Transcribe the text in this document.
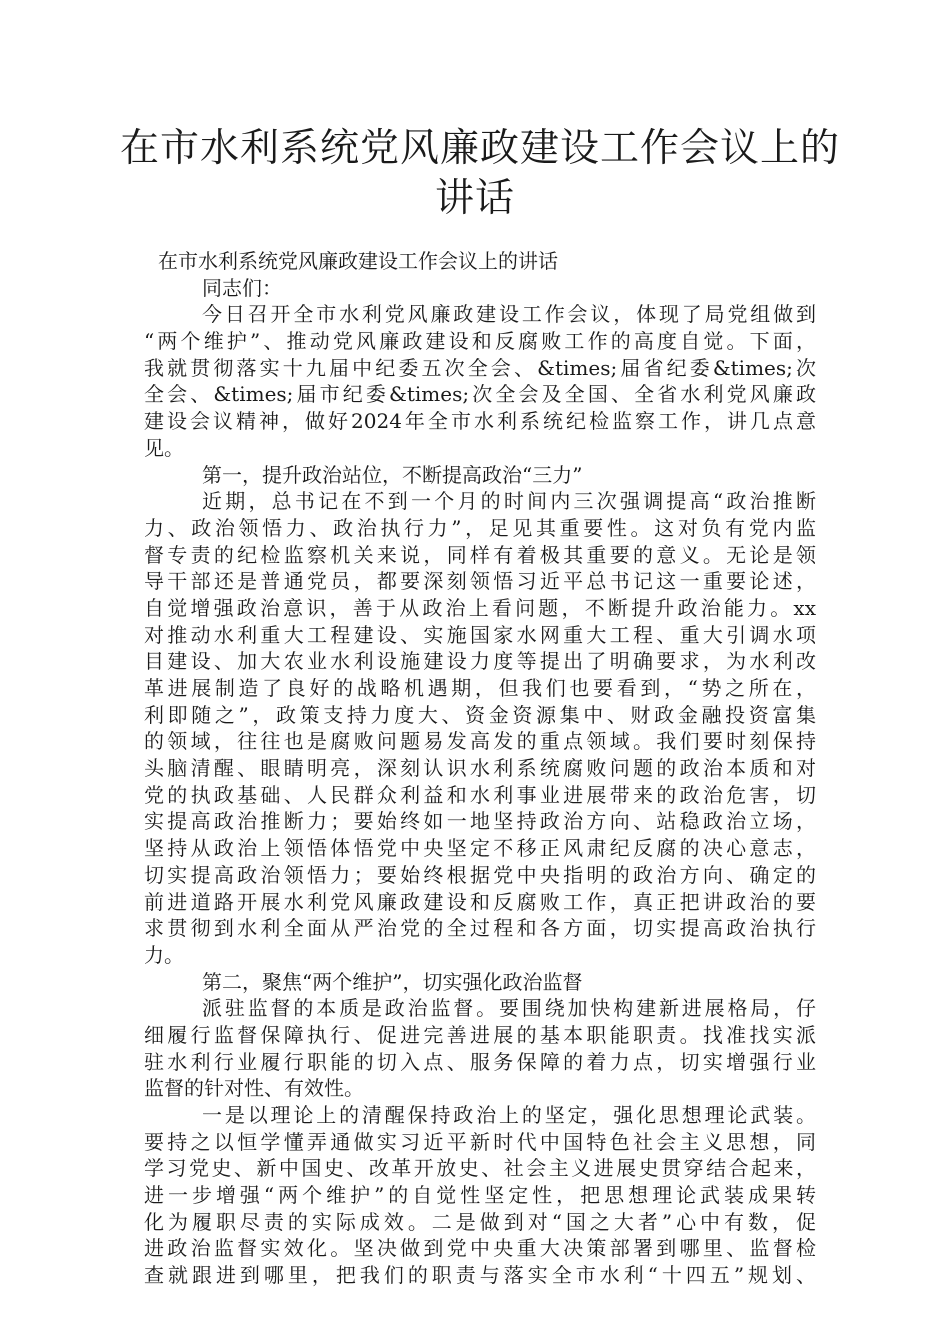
在市水利系统党风廉政建设工作会议上的
讲话
在市水利系统党风廉政建设工作会议上的讲话
同志们：
今日召开全市水利党风廉政建设工作会议，体现了局党组做到
“两个维护”、推动党风廉政建设和反腐败工作的高度自觉。下面，
我就贯彻落实十九届中纪委五次全会、&times;届省纪委&times;次
全会、&times;届市纪委&times;次全会及全国、全省水利党风廉政
建设会议精神，做好2024年全市水利系统纪检监察工作，讲几点意
见。
第一，提升政治站位，不断提高政治“三力”
近期，总书记在不到一个月的时间内三次强调提高“政治推断
力、政治领悟力、政治执行力”，足见其重要性。这对负有党内监
督专责的纪检监察机关来说，同样有着极其重要的意义。无论是领
导干部还是普通党员，都要深刻领悟习近平总书记这一重要论述，
自觉增强政治意识，善于从政治上看问题，不断提升政治能力。xx
对推动水利重大工程建设、实施国家水网重大工程、重大引调水项
目建设、加大农业水利设施建设力度等提出了明确要求，为水利改
革进展制造了良好的战略机遇期，但我们也要看到，“势之所在，
利即随之”，政策支持力度大、资金资源集中、财政金融投资富集
的领域，往往也是腐败问题易发高发的重点领域。我们要时刻保持
头脑清醒、眼睛明亮，深刻认识水利系统腐败问题的政治本质和对
党的执政基础、人民群众利益和水利事业进展带来的政治危害，切
实提高政治推断力；要始终如一地坚持政治方向、站稳政治立场，
坚持从政治上领悟体悟党中央坚定不移正风肃纪反腐的决心意志，
切实提高政治领悟力；要始终根据党中央指明的政治方向、确定的
前进道路开展水利党风廉政建设和反腐败工作，真正把讲政治的要
求贯彻到水利全面从严治党的全过程和各方面，切实提高政治执行
力。
第二，聚焦“两个维护”，切实强化政治监督
派驻监督的本质是政治监督。要围绕加快构建新进展格局，仔
细履行监督保障执行、促进完善进展的基本职能职责。找准找实派
驻水利行业履行职能的切入点、服务保障的着力点，切实增强行业
监督的针对性、有效性。
一是以理论上的清醒保持政治上的坚定，强化思想理论武装。
要持之以恒学懂弄通做实习近平新时代中国特色社会主义思想，同
学习党史、新中国史、改革开放史、社会主义进展史贯穿结合起来，
进一步增强“两个维护”的自觉性坚定性，把思想理论武装成果转
化为履职尽责的实际成效。二是做到对“国之大者”心中有数，促
进政治监督实效化。坚决做到党中央重大决策部署到哪里、监督检
查就跟进到哪里，把我们的职责与落实全市水利“十四五”规划、
